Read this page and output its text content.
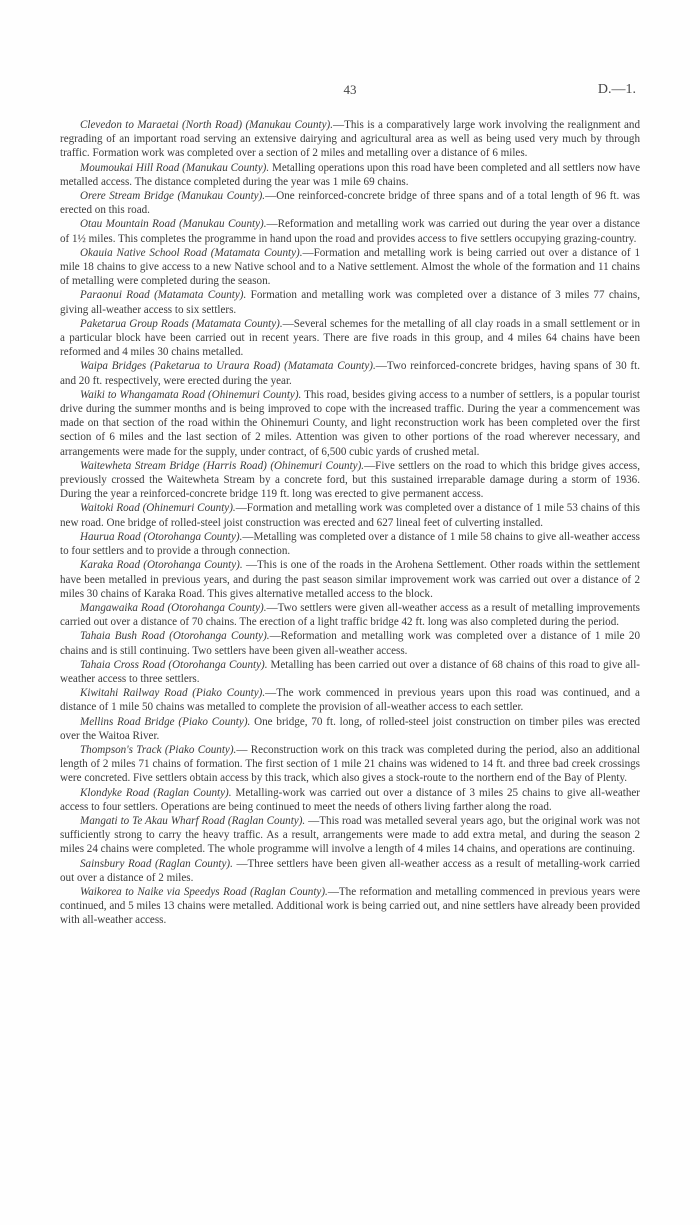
43	D.—1.

Clevedon to Maraetai (North Road) (Manukau County).—This is a comparatively large work involving the realignment and regrading of an important road serving an extensive dairying and agricultural area as well as being used very much by through traffic. Formation work was completed over a section of 2 miles and metalling over a distance of 6 miles.

Moumoukai Hill Road (Manukau County). Metalling operations upon this road have been completed and all settlers now have metalled access. The distance completed during the year was 1 mile 69 chains.

Orere Stream Bridge (Manukau County).—One reinforced-concrete bridge of three spans and of a total length of 96 ft. was erected on this road.

Otau Mountain Road (Manukau County).—Reformation and metalling work was carried out during the year over a distance of 1½ miles. This completes the programme in hand upon the road and provides access to five settlers occupying grazing-country.

Okauia Native School Road (Matamata County).—Formation and metalling work is being carried out over a distance of 1 mile 18 chains to give access to a new Native school and to a Native settlement. Almost the whole of the formation and 11 chains of metalling were completed during the season.

Paraonui Road (Matamata County). Formation and metalling work was completed over a distance of 3 miles 77 chains, giving all-weather access to six settlers.

Paketarua Group Roads (Matamata County).—Several schemes for the metalling of all clay roads in a small settlement or in a particular block have been carried out in recent years. There are five roads in this group, and 4 miles 64 chains have been reformed and 4 miles 30 chains metalled.

Waipa Bridges (Paketarua to Uraura Road) (Matamata County).—Two reinforced-concrete bridges, having spans of 30 ft. and 20 ft. respectively, were erected during the year.

Waiki to Whangamata Road (Ohinemuri County). This road, besides giving access to a number of settlers, is a popular tourist drive during the summer months and is being improved to cope with the increased traffic. During the year a commencement was made on that section of the road within the Ohinemuri County, and light reconstruction work has been completed over the first section of 6 miles and the last section of 2 miles. Attention was given to other portions of the road wherever necessary, and arrangements were made for the supply, under contract, of 6,500 cubic yards of crushed metal.

Waitewheta Stream Bridge (Harris Road) (Ohinemuri County).—Five settlers on the road to which this bridge gives access, previously crossed the Waitewheta Stream by a concrete ford, but this sustained irreparable damage during a storm of 1936. During the year a reinforced-concrete bridge 119 ft. long was erected to give permanent access.

Waitoki Road (Ohinemuri County).—Formation and metalling work was completed over a distance of 1 mile 53 chains of this new road. One bridge of rolled-steel joist construction was erected and 627 lineal feet of culverting installed.

Haurua Road (Otorohanga County).—Metalling was completed over a distance of 1 mile 58 chains to give all-weather access to four settlers and to provide a through connection.

Karaka Road (Otorohanga County). —This is one of the roads in the Arohena Settlement. Other roads within the settlement have been metalled in previous years, and during the past season similar improvement work was carried out over a distance of 2 miles 30 chains of Karaka Road. This gives alternative metalled access to the block.

Mangawaika Road (Otorohanga County).—Two settlers were given all-weather access as a result of metalling improvements carried out over a distance of 70 chains. The erection of a light traffic bridge 42 ft. long was also completed during the period.

Tahaia Bush Road (Otorohanga County).—Reformation and metalling work was completed over a distance of 1 mile 20 chains and is still continuing. Two settlers have been given all-weather access.

Tahaia Cross Road (Otorohanga County). Metalling has been carried out over a distance of 68 chains of this road to give all-weather access to three settlers.

Kiwitahi Railway Road (Piako County).—The work commenced in previous years upon this road was continued, and a distance of 1 mile 50 chains was metalled to complete the provision of all-weather access to each settler.

Mellins Road Bridge (Piako County). One bridge, 70 ft. long, of rolled-steel joist construction on timber piles was erected over the Waitoa River.

Thompson's Track (Piako County).— Reconstruction work on this track was completed during the period, also an additional length of 2 miles 71 chains of formation. The first section of 1 mile 21 chains was widened to 14 ft. and three bad creek crossings were concreted. Five settlers obtain access by this track, which also gives a stock-route to the northern end of the Bay of Plenty.

Klondyke Road (Raglan County). Metalling-work was carried out over a distance of 3 miles 25 chains to give all-weather access to four settlers. Operations are being continued to meet the needs of others living farther along the road.

Mangati to Te Akau Wharf Road (Raglan County). —This road was metalled several years ago, but the original work was not sufficiently strong to carry the heavy traffic. As a result, arrangements were made to add extra metal, and during the season 2 miles 24 chains were completed. The whole programme will involve a length of 4 miles 14 chains, and operations are continuing.

Sainsbury Road (Raglan County). —Three settlers have been given all-weather access as a result of metalling-work carried out over a distance of 2 miles.

Waikorea to Naike via Speedys Road (Raglan County).—The reformation and metalling commenced in previous years were continued, and 5 miles 13 chains were metalled. Additional work is being carried out, and nine settlers have already been provided with all-weather access.
